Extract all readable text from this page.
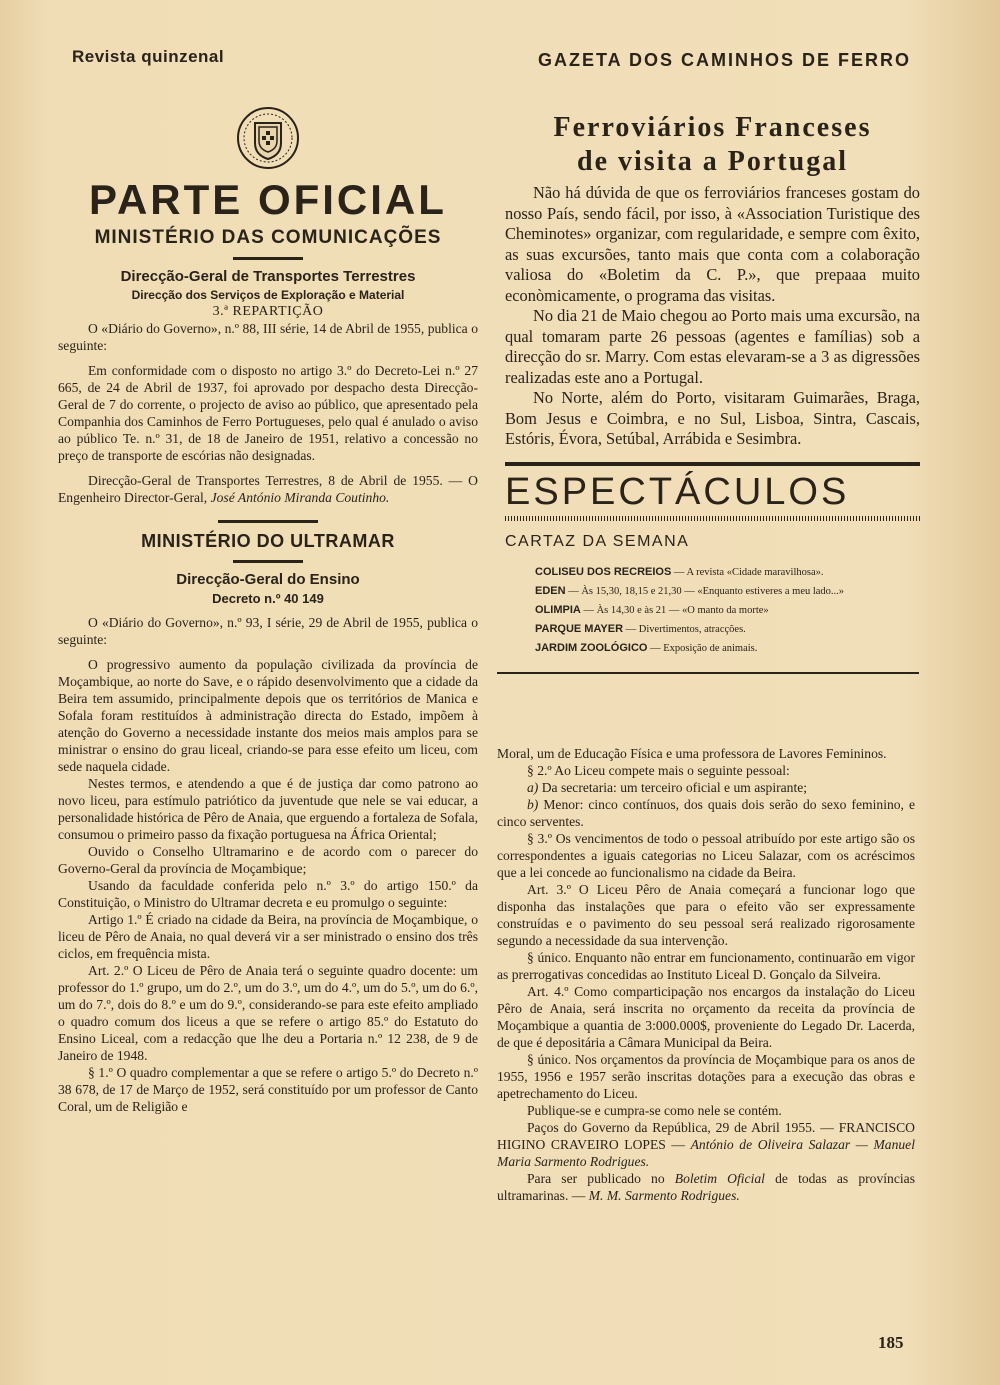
Revista quinzenal	GAZETA DOS CAMINHOS DE FERRO
PARTE OFICIAL
MINISTÉRIO DAS COMUNICAÇÕES
Direcção-Geral de Transportes Terrestres
Direcção dos Serviços de Exploração e Material
3.ª REPARTIÇÃO

O «Diário do Governo», n.º 88, III série, 14 de Abril de 1955, publica o seguinte:

Em conformidade com o disposto no artigo 3.º do Decreto-Lei n.º 27 665, de 24 de Abril de 1937, foi aprovado por despacho desta Direcção-Geral de 7 do corrente, o projecto de aviso ao público, que apresentado pela Companhia dos Caminhos de Ferro Portugueses, pelo qual é anulado o aviso ao público Te. n.º 31, de 18 de Janeiro de 1951, relativo a concessão no preço de transporte de escórias não designadas.

Direcção-Geral de Transportes Terrestres, 8 de Abril de 1955. — O Engenheiro Director-Geral, José António Miranda Coutinho.

MINISTÉRIO DO ULTRAMAR
Direcção-Geral do Ensino
Decreto n.º 40 149

O «Diário do Governo», n.º 93, I série, 29 de Abril de 1955, publica o seguinte:

O progressivo aumento da população civilizada da província de Moçambique, ao norte do Save, e o rápido desenvolvimento que a cidade da Beira tem assumido, principalmente depois que os territórios de Manica e Sofala foram restituídos à administração directa do Estado, impõem à atenção do Governo a necessidade instante dos meios mais amplos para se ministrar o ensino do grau liceal, criando-se para esse efeito um liceu, com sede naquela cidade.

Nestes termos, e atendendo a que é de justiça dar como patrono ao novo liceu, para estímulo patriótico da juventude que nele se vai educar, a personalidade histórica de Pêro de Anaia, que erguendo a fortaleza de Sofala, consumou o primeiro passo da fixação portuguesa na África Oriental;

Ouvido o Conselho Ultramarino e de acordo com o parecer do Governo-Geral da província de Moçambique;

Usando da faculdade conferida pelo n.º 3.º do artigo 150.º da Constituição, o Ministro do Ultramar decreta e eu promulgo o seguinte:

Artigo 1.º É criado na cidade da Beira, na província de Moçambique, o liceu de Pêro de Anaia, no qual deverá vir a ser ministrado o ensino dos três ciclos, em frequência mista.

Art. 2.º O Liceu de Pêro de Anaia terá o seguinte quadro docente: um professor do 1.º grupo, um do 2.º, um do 3.º, um do 4.º, um do 5.º, um do 6.º, um do 7.º, dois do 8.º e um do 9.º, considerando-se para este efeito ampliado o quadro comum dos liceus a que se refere o artigo 85.º do Estatuto do Ensino Liceal, com a redacção que lhe deu a Portaria n.º 12 238, de 9 de Janeiro de 1948.

§ 1.º O quadro complementar a que se refere o artigo 5.º do Decreto n.º 38 678, de 17 de Março de 1952, será constituído por um professor de Canto Coral, um de Religião e

Ferroviários Franceses
de visita a Portugal

Não há dúvida de que os ferroviários franceses gostam do nosso País, sendo fácil, por isso, à «Association Turistique des Cheminotes» organizar, com regularidade, e sempre com êxito, as suas excursões, tanto mais que conta com a colaboração valiosa do «Boletim da C. P.», que prepaaa muito econòmicamente, o programa das visitas.

No dia 21 de Maio chegou ao Porto mais uma excursão, na qual tomaram parte 26 pessoas (agentes e famílias) sob a direcção do sr. Marry. Com estas elevaram-se a 3 as digressões realizadas este ano a Portugal.

No Norte, além do Porto, visitaram Guimarães, Braga, Bom Jesus e Coimbra, e no Sul, Lisboa, Sintra, Cascais, Estóris, Évora, Setúbal, Arrábida e Sesimbra.

ESPECTÁCULOS
CARTAZ DA SEMANA
COLISEU DOS RECREIOS — A revista «Cidade maravilhosa».
EDEN — Às 15,30, 18,15 e 21,30 — «Enquanto estiveres a meu lado...»
OLIMPIA — Às 14,30 e às 21 — «O manto da morte»
PARQUE MAYER — Divertimentos, atracções.
JARDIM ZOOLÓGICO — Exposição de animais.

Moral, um de Educação Física e uma professora de Lavores Femininos.

§ 2.º Ao Liceu compete mais o seguinte pessoal:

a) Da secretaria: um terceiro oficial e um aspirante;

b) Menor: cinco contínuos, dos quais dois serão do sexo feminino, e cinco serventes.

§ 3.º Os vencimentos de todo o pessoal atribuído por este artigo são os correspondentes a iguais categorias no Liceu Salazar, com os acréscimos que a lei concede ao funcionalismo na cidade da Beira.

Art. 3.º O Liceu Pêro de Anaia começará a funcionar logo que disponha das instalações que para o efeito vão ser expressamente construídas e o pavimento do seu pessoal será realizado rigorosamente segundo a necessidade da sua intervenção.

§ único. Enquanto não entrar em funcionamento, continuarão em vigor as prerrogativas concedidas ao Instituto Liceal D. Gonçalo da Silveira.

Art. 4.º Como comparticipação nos encargos da instalação do Liceu Pêro de Anaia, será inscrita no orçamento da receita da província de Moçambique a quantia de 3:000.000$, proveniente do Legado Dr. Lacerda, de que é depositária a Câmara Municipal da Beira.

§ único. Nos orçamentos da província de Moçambique para os anos de 1955, 1956 e 1957 serão inscritas dotações para a execução das obras e apetrechamento do Liceu.

Publique-se e cumpra-se como nele se contém.

Paços do Governo da República, 29 de Abril 1955. — FRANCISCO HIGINO CRAVEIRO LOPES — António de Oliveira Salazar — Manuel Maria Sarmento Rodrigues.

Para ser publicado no Boletim Oficial de todas as províncias ultramarinas. — M. M. Sarmento Rodrigues.

185
